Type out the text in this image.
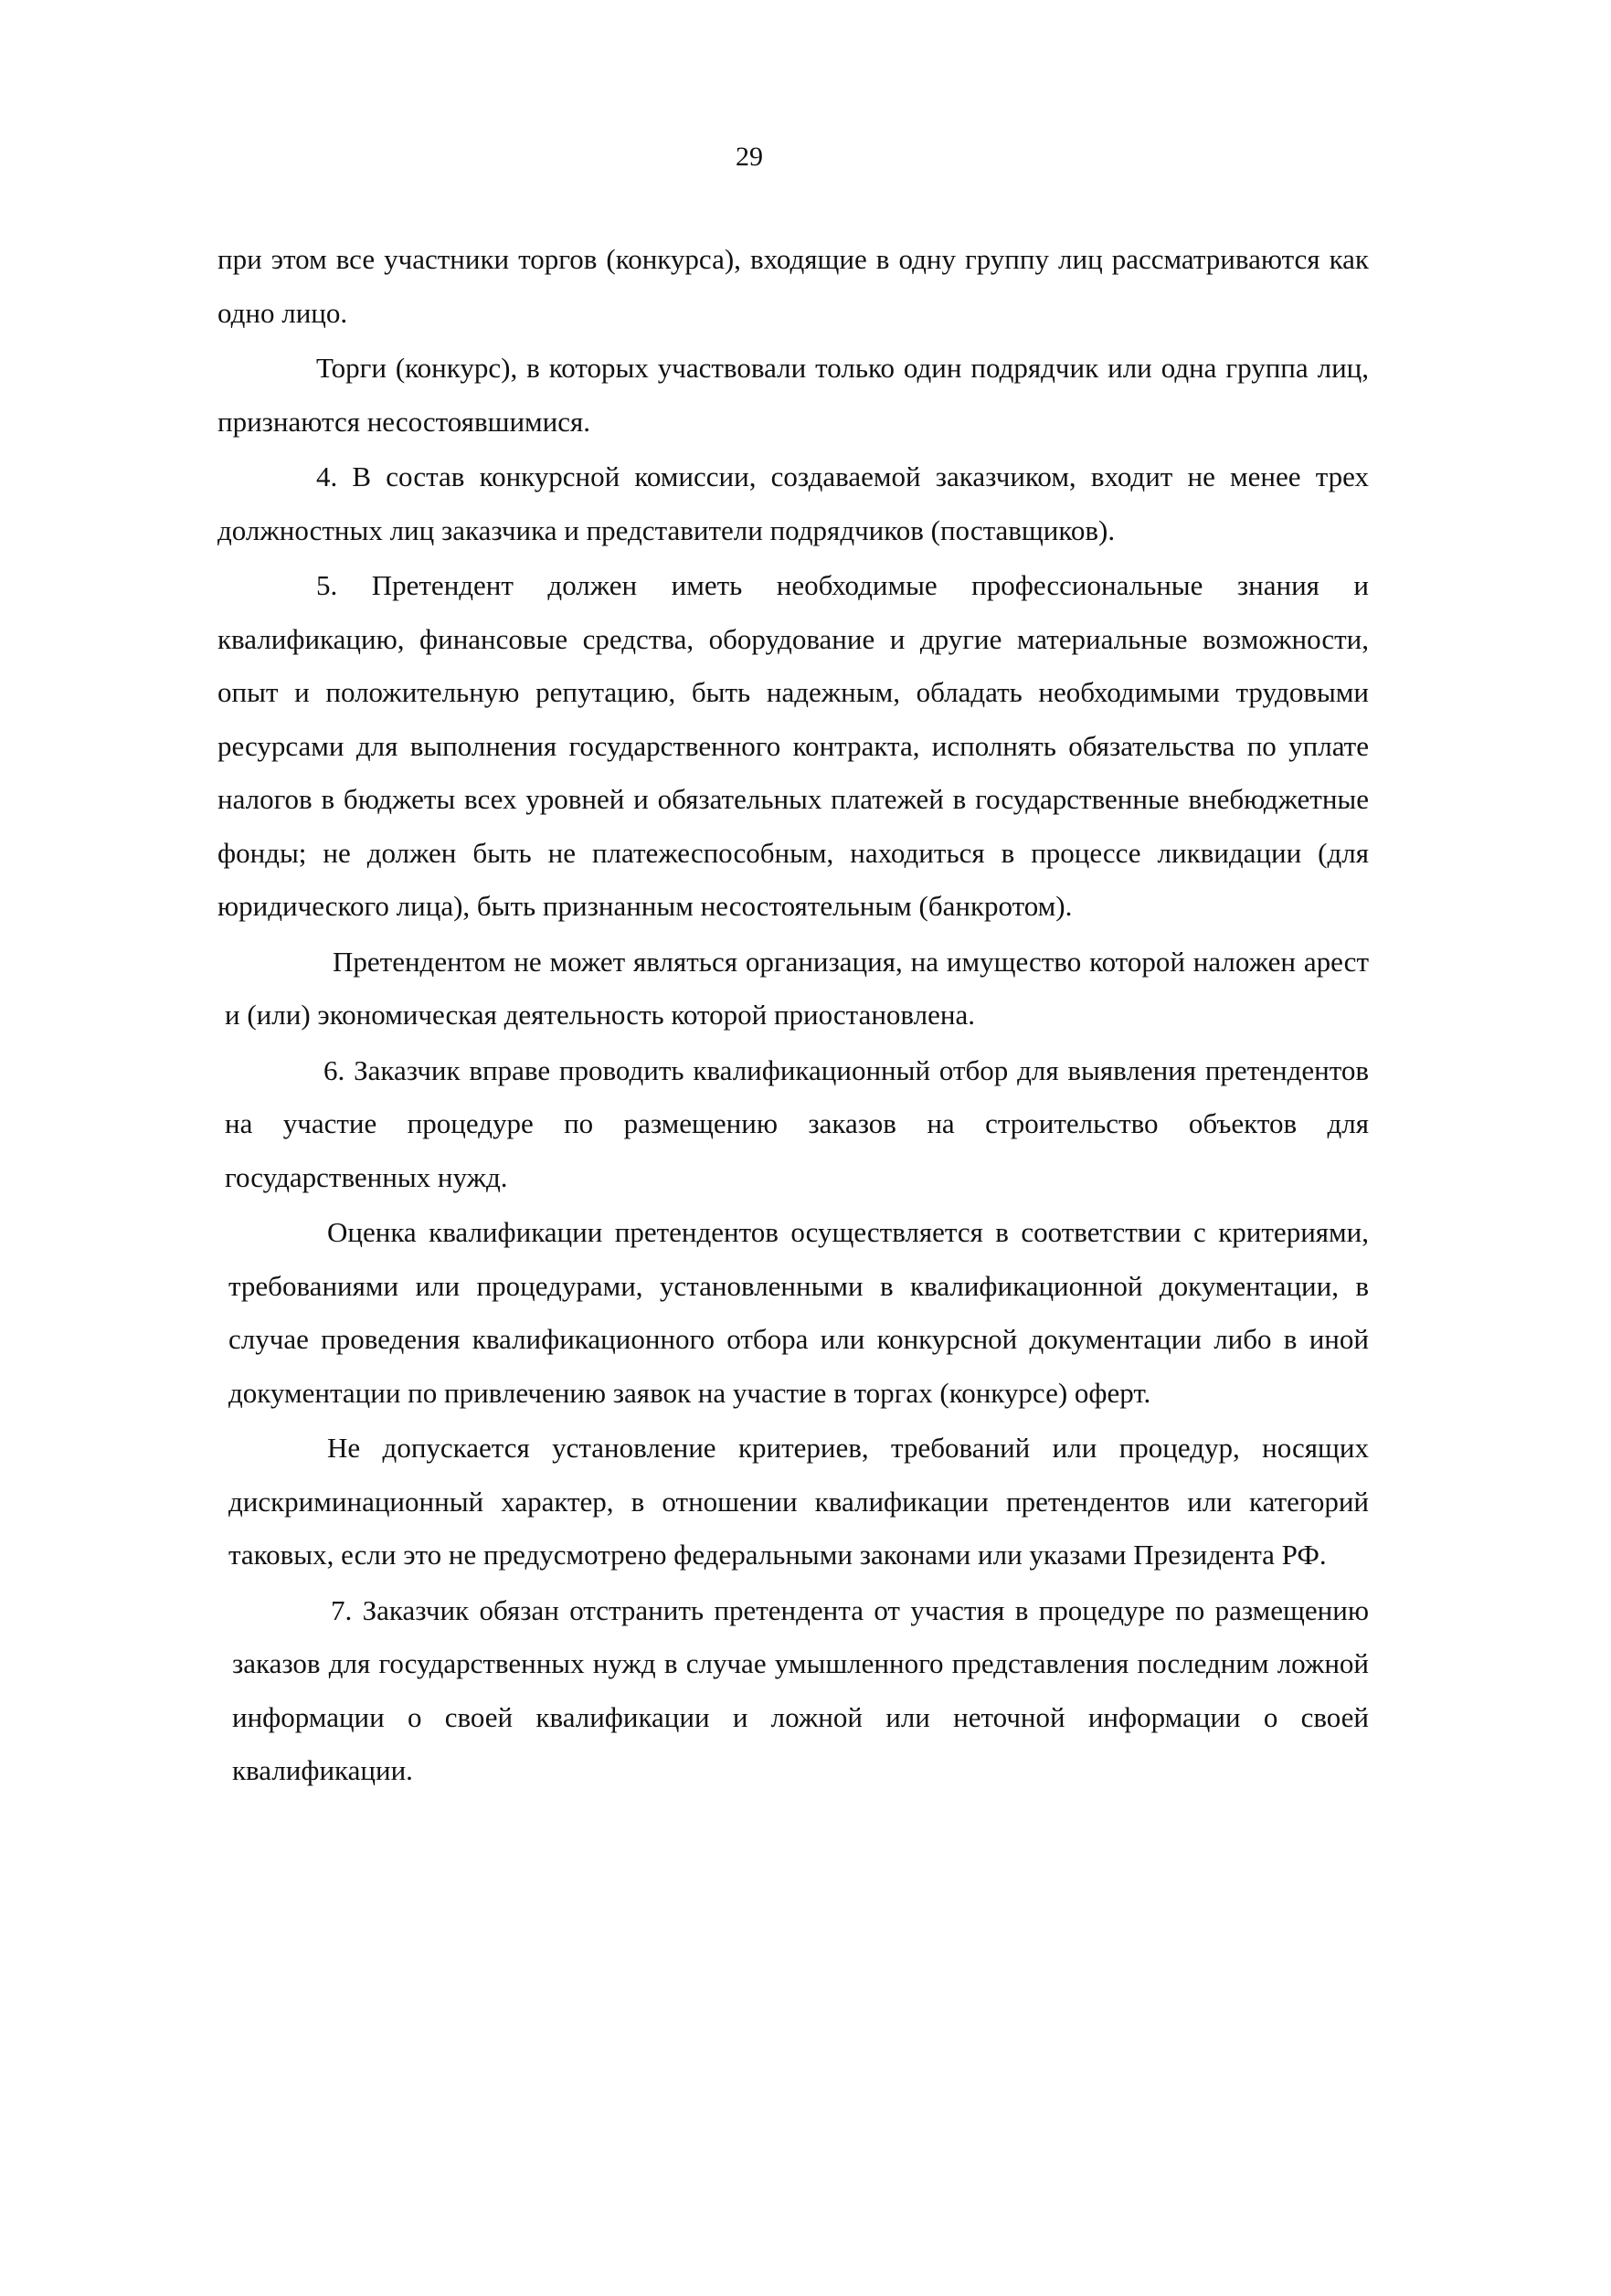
29

при этом все участники торгов (конкурса), входящие в одну группу лиц рассматриваются как одно лицо.

Торги (конкурс), в которых участвовали только один подрядчик или одна группа лиц, признаются несостоявшимися.

4. В состав конкурсной комиссии, создаваемой заказчиком, входит не менее трех должностных лиц заказчика и представители подрядчиков (поставщиков).

5. Претендент должен иметь необходимые профессиональные знания и квалификацию, финансовые средства, оборудование и другие материальные возможности, опыт и положительную репутацию, быть надежным, обладать необходимыми трудовыми ресурсами для выполнения государственного контракта, исполнять обязательства по уплате налогов в бюджеты всех уровней и обязательных платежей в государственные внебюджетные фонды; не должен быть не платежеспособным, находиться в процессе ликвидации (для юридического лица), быть признанным несостоятельным (банкротом).

Претендентом не может являться организация, на имущество которой наложен арест и (или) экономическая деятельность которой приостановлена.

6. Заказчик вправе проводить квалификационный отбор для выявления претендентов на участие процедуре по размещению заказов на строительство объектов для государственных нужд.

Оценка квалификации претендентов осуществляется в соответствии с критериями, требованиями или процедурами, установленными в квалификационной документации, в случае проведения квалификационного отбора или конкурсной документации либо в иной документации по привлечению заявок на участие в торгах (конкурсе) оферт.

Не допускается установление критериев, требований или процедур, носящих дискриминационный характер, в отношении квалификации претендентов или категорий таковых, если это не предусмотрено федеральными законами или указами Президента РФ.

7. Заказчик обязан отстранить претендента от участия в процедуре по размещению заказов для государственных нужд в случае умышленного представления последним ложной информации о своей квалификации и ложной или неточной информации о своей квалификации.
